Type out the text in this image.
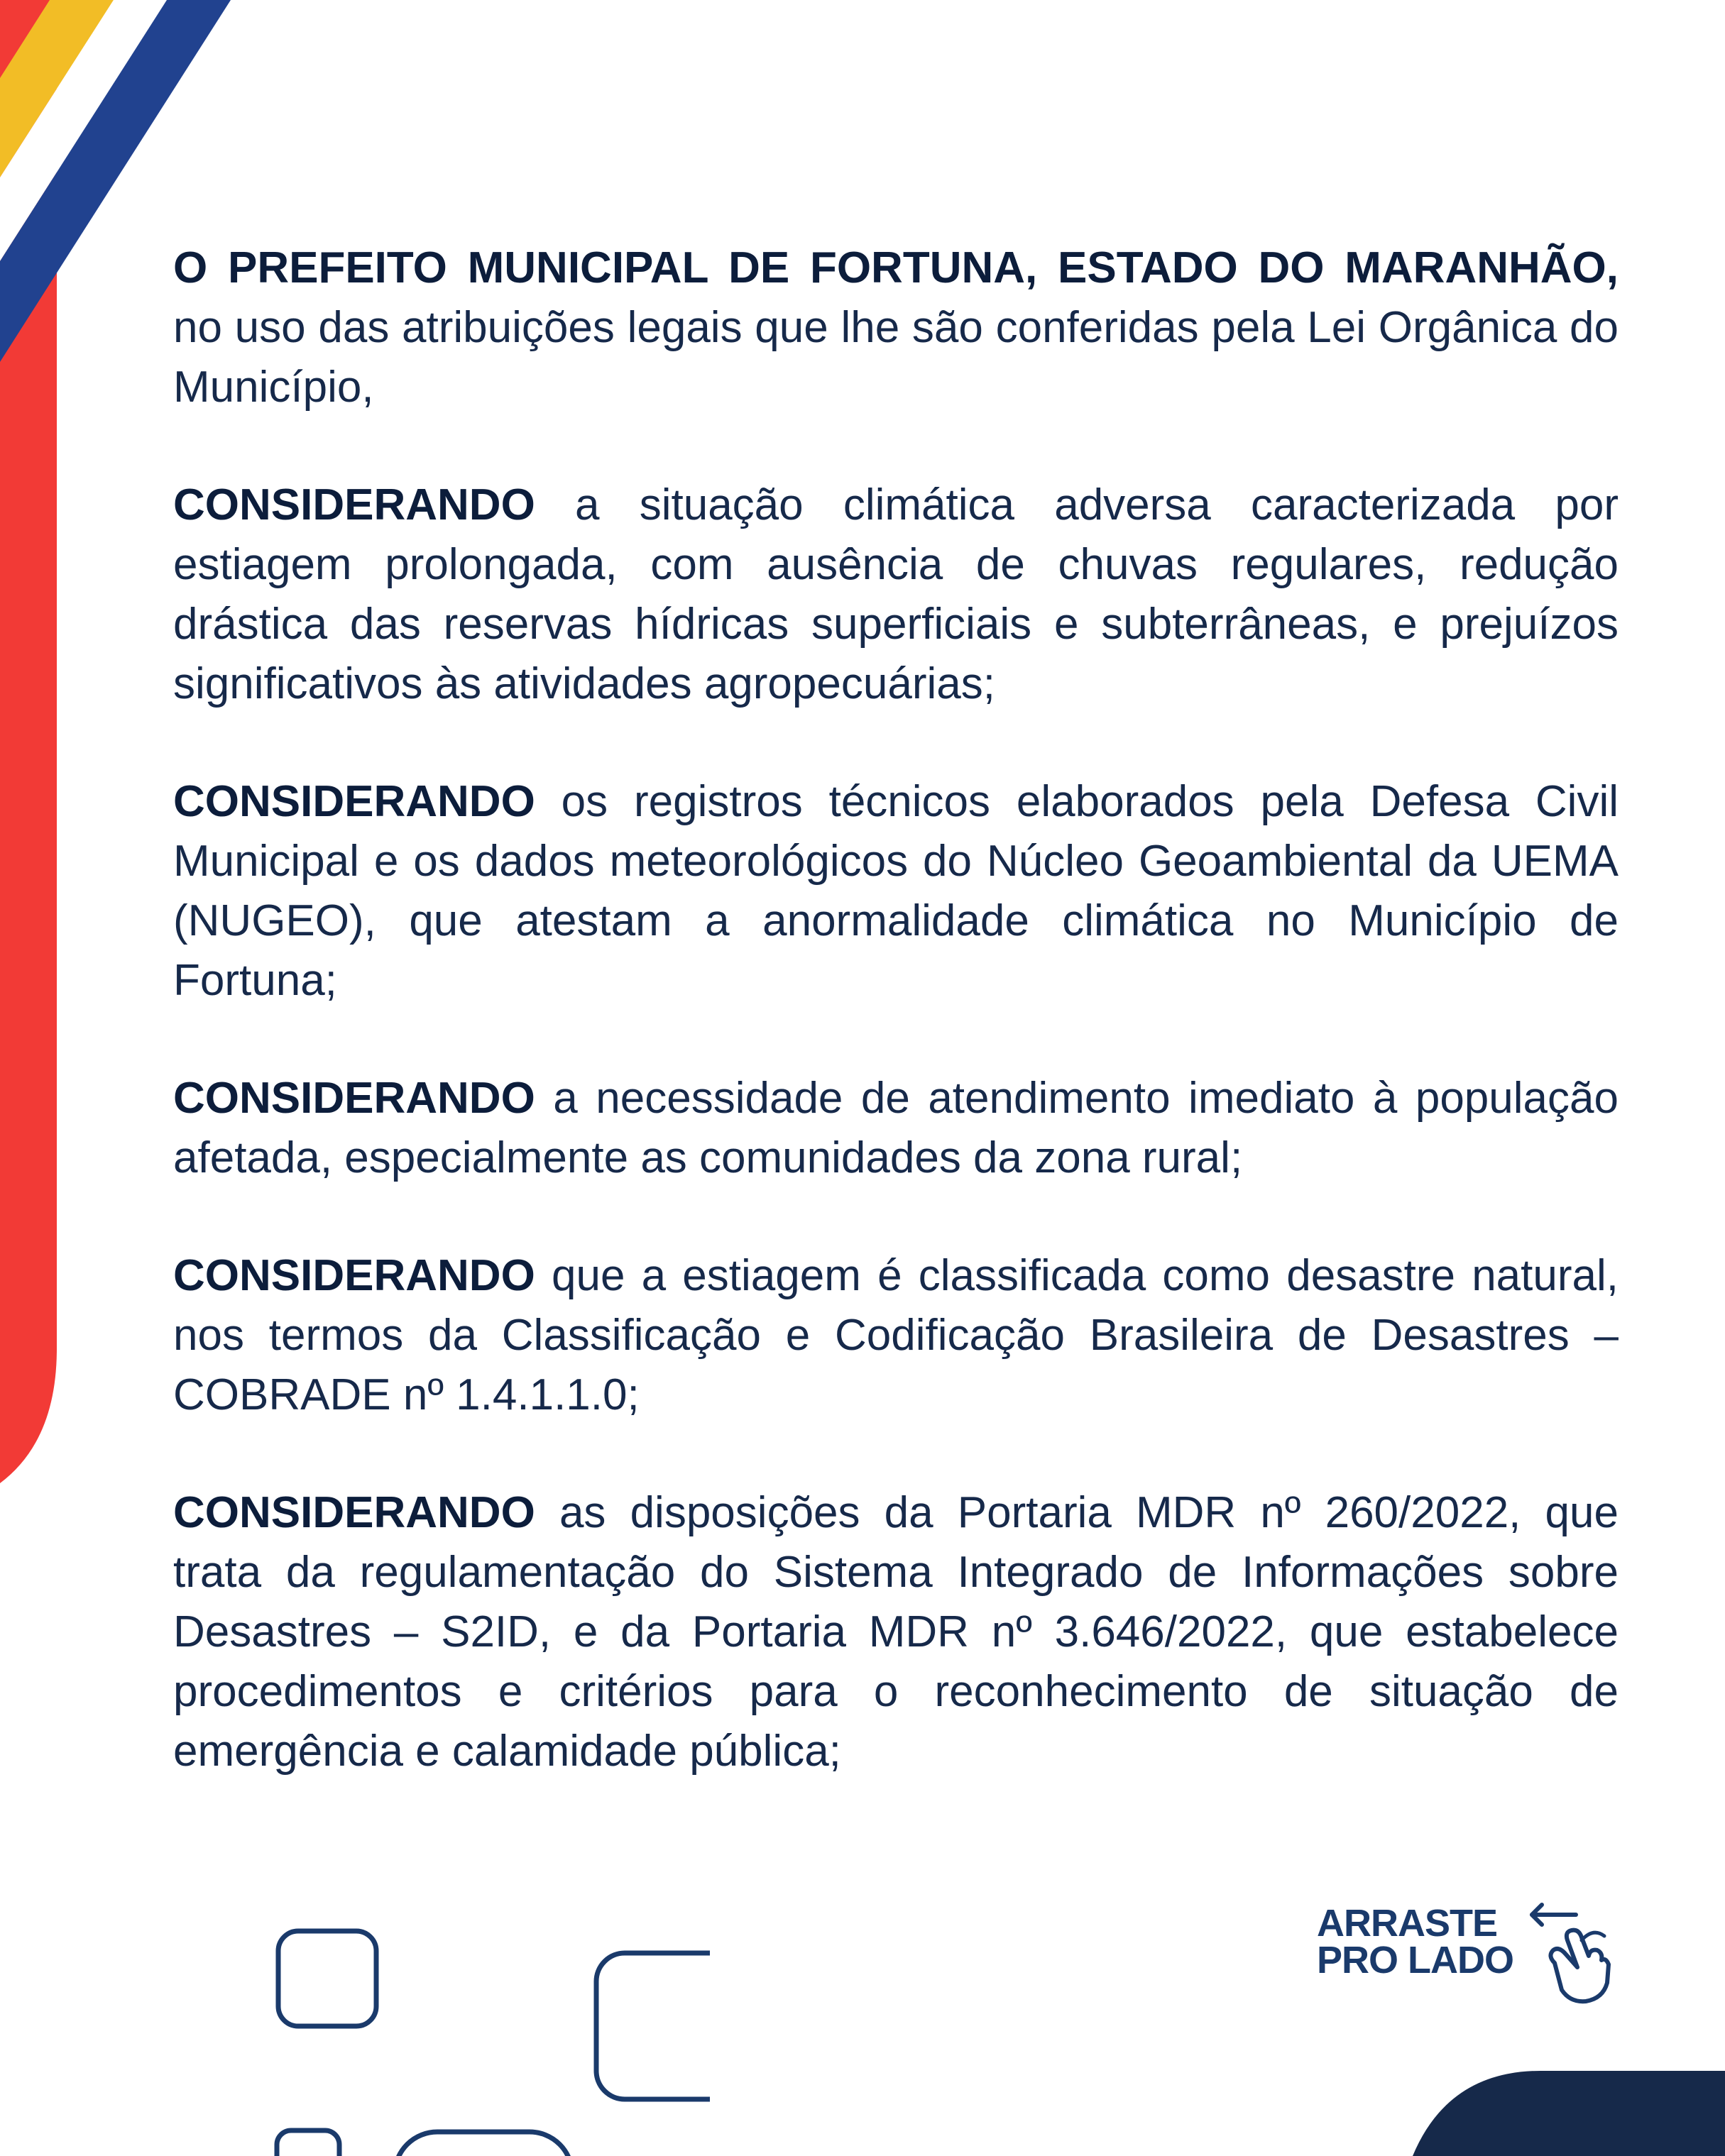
O PREFEITO MUNICIPAL DE FORTUNA, ESTADO DO MARANHÃO, no uso das atribuições legais que lhe são conferidas pela Lei Orgânica do Município,

CONSIDERANDO a situação climática adversa caracterizada por estiagem prolongada, com ausência de chuvas regulares, redução drástica das reservas hídricas superficiais e subterrâneas, e prejuízos significativos às atividades agropecuárias;

CONSIDERANDO os registros técnicos elaborados pela Defesa Civil Municipal e os dados meteorológicos do Núcleo Geoambiental da UEMA (NUGEO), que atestam a anormalidade climática no Município de Fortuna;

CONSIDERANDO a necessidade de atendimento imediato à população afetada, especialmente as comunidades da zona rural;

CONSIDERANDO que a estiagem é classificada como desastre natural, nos termos da Classificação e Codificação Brasileira de Desastres – COBRADE nº 1.4.1.1.0;

CONSIDERANDO as disposições da Portaria MDR nº 260/2022, que trata da regulamentação do Sistema Integrado de Informações sobre Desastres – S2ID, e da Portaria MDR nº 3.646/2022, que estabelece procedimentos e critérios para o reconhecimento de situação de emergência e calamidade pública;

ARRASTE
PRO LADO
